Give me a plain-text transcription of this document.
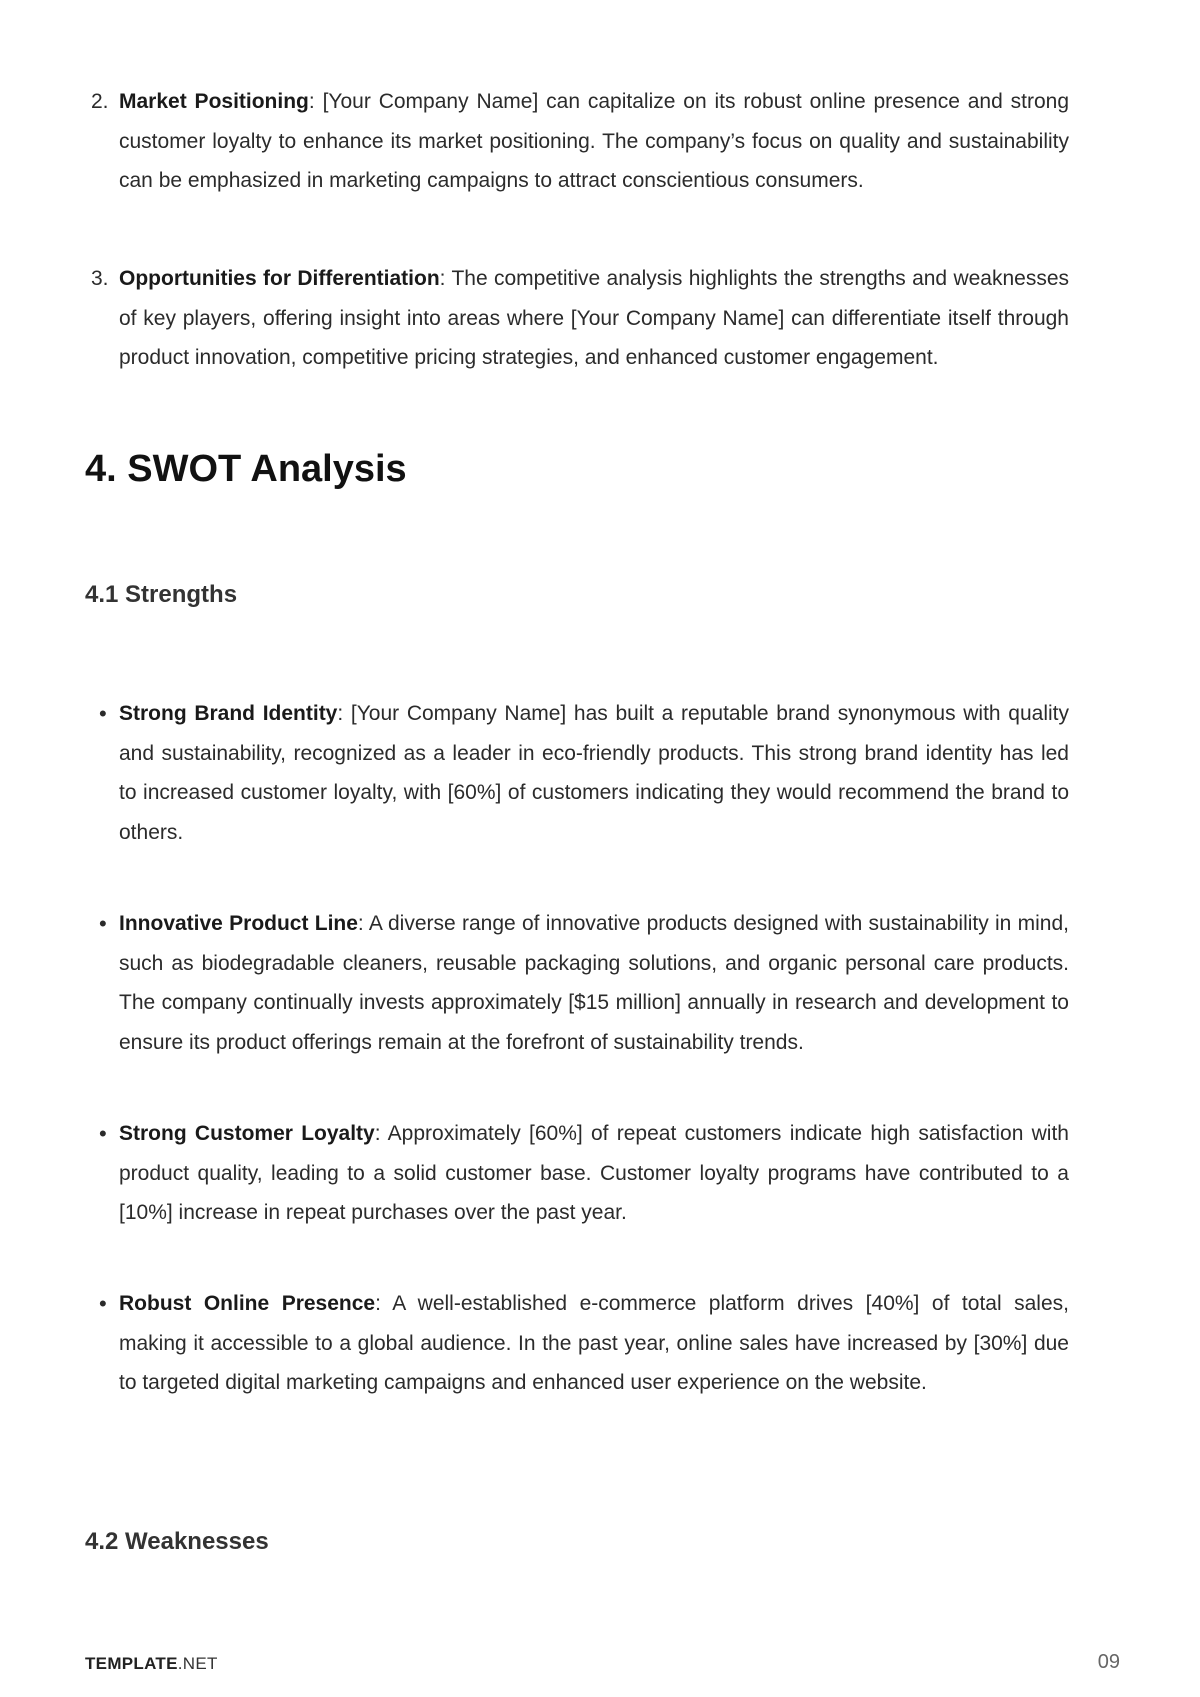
2. Market Positioning: [Your Company Name] can capitalize on its robust online presence and strong customer loyalty to enhance its market positioning. The company’s focus on quality and sustainability can be emphasized in marketing campaigns to attract conscientious consumers.
3. Opportunities for Differentiation: The competitive analysis highlights the strengths and weaknesses of key players, offering insight into areas where [Your Company Name] can differentiate itself through product innovation, competitive pricing strategies, and enhanced customer engagement.
4. SWOT Analysis
4.1 Strengths
• Strong Brand Identity: [Your Company Name] has built a reputable brand synonymous with quality and sustainability, recognized as a leader in eco-friendly products. This strong brand identity has led to increased customer loyalty, with [60%] of customers indicating they would recommend the brand to others.
• Innovative Product Line: A diverse range of innovative products designed with sustainability in mind, such as biodegradable cleaners, reusable packaging solutions, and organic personal care products. The company continually invests approximately [$15 million] annually in research and development to ensure its product offerings remain at the forefront of sustainability trends.
• Strong Customer Loyalty: Approximately [60%] of repeat customers indicate high satisfaction with product quality, leading to a solid customer base. Customer loyalty programs have contributed to a [10%] increase in repeat purchases over the past year.
• Robust Online Presence: A well-established e-commerce platform drives [40%] of total sales, making it accessible to a global audience. In the past year, online sales have increased by [30%] due to targeted digital marketing campaigns and enhanced user experience on the website.
4.2 Weaknesses
TEMPLATE.NET	09
